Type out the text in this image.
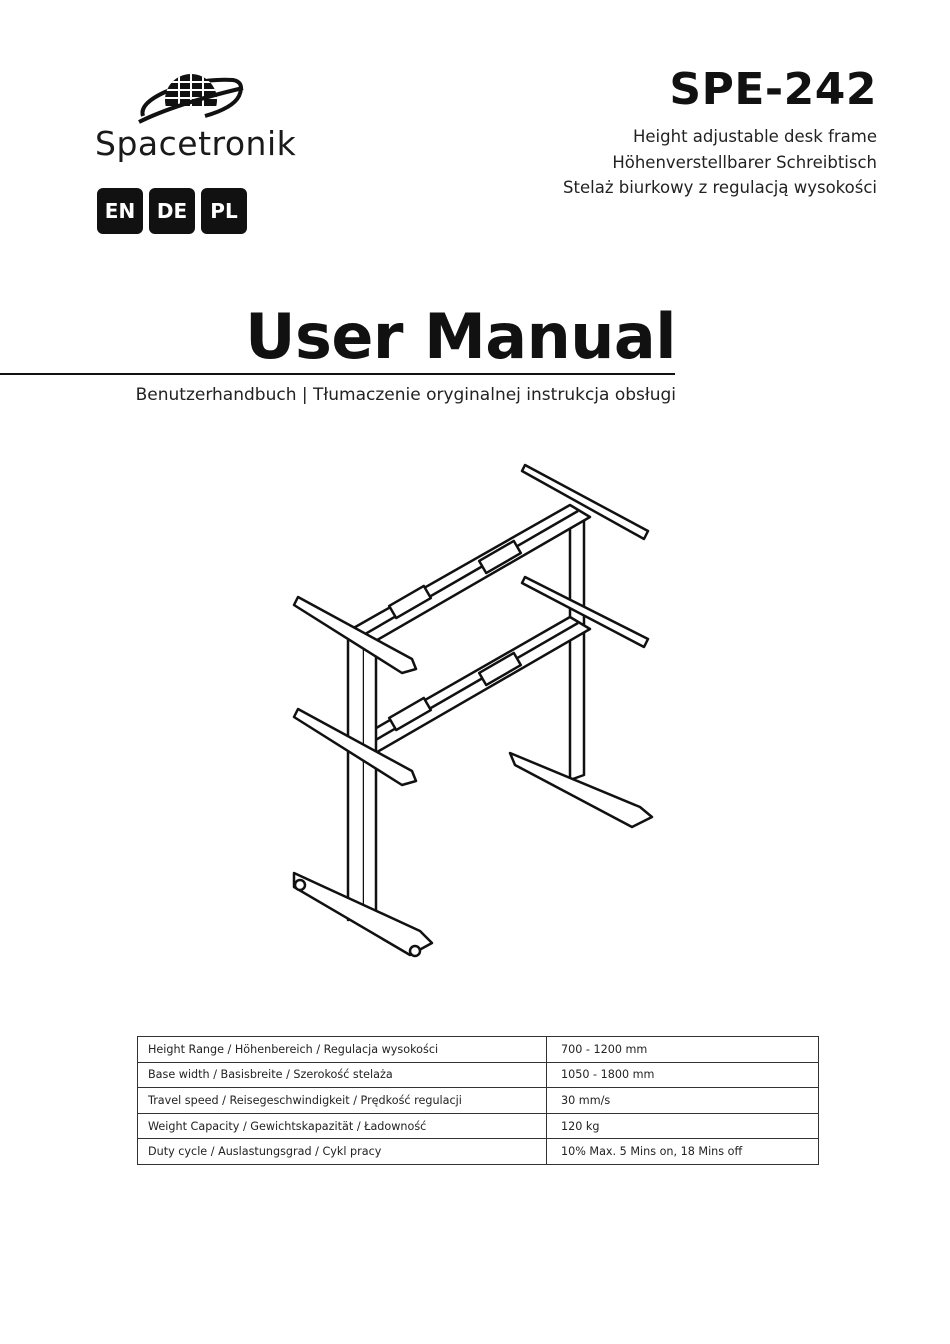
Spacetronik
EN	DE	PL
SPE-242
Height adjustable desk frame
Höhenverstellbarer Schreibtisch
Stelaż biurkowy z regulacją wysokości
User Manual
Benutzerhandbuch | Tłumaczenie oryginalnej instrukcja obsługi
Height Range / Höhenbereich / Regulacja wysokości	700 - 1200 mm
Base width / Basisbreite / Szerokość stelaża	1050 - 1800 mm
Travel speed / Reisegeschwindigkeit / Prędkość regulacji	30 mm/s
Weight Capacity / Gewichtskapazität / Ładowność	120 kg
Duty cycle / Auslastungsgrad / Cykl pracy	10% Max. 5 Mins on, 18 Mins off
